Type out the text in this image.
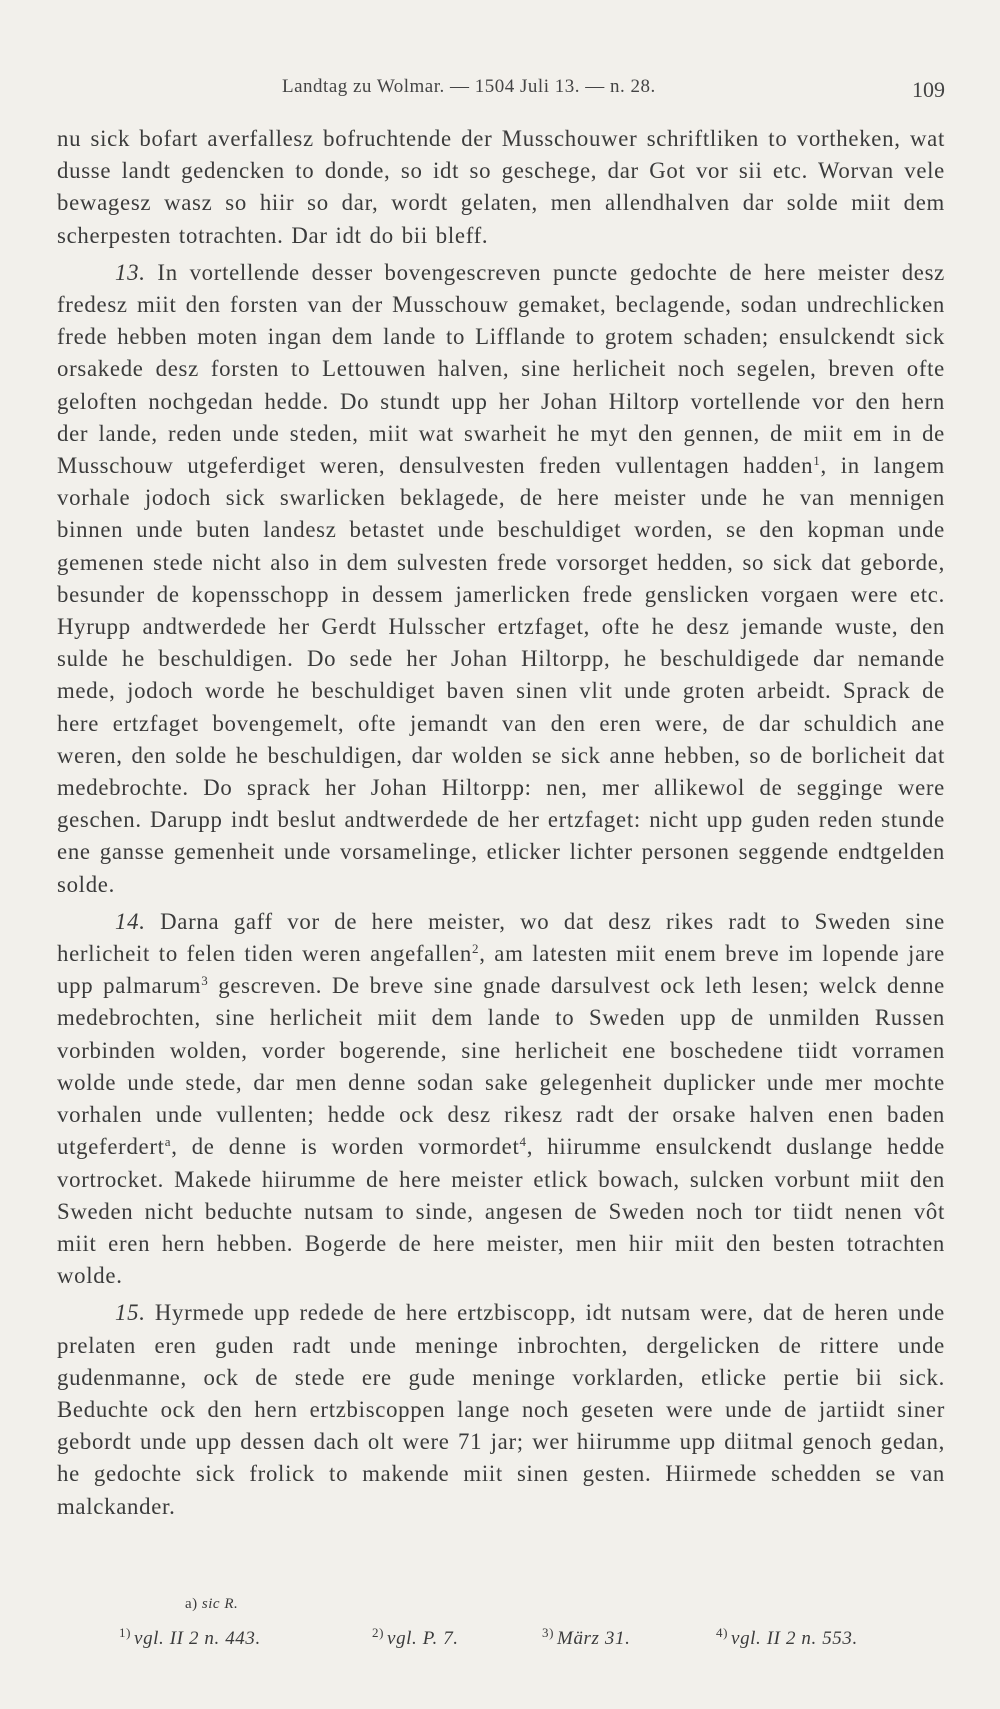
Landtag zu Wolmar. — 1504 Juli 13. — n. 28.	109

nu sick bofart averfallesz bofruchtende der Musschouwer schriftliken to vortheken, wat dusse landt gedencken to donde, so idt so geschege, dar Got vor sii etc. Worvan vele bewagesz wasz so hiir so dar, wordt gelaten, men allendhalven dar solde miit dem scherpesten totrachten. Dar idt do bii bleff.

13. In vortellende desser bovengescreven puncte gedochte de here meister desz fredesz miit den forsten van der Musschouw gemaket, beclagende, sodan undrechlicken frede hebben moten ingan dem lande to Lifflande to grotem schaden; ensulckendt sick orsakede desz forsten to Lettouwen halven, sine herlicheit noch segelen, breven ofte geloften nochgedan hedde. Do stundt upp her Johan Hiltorp vortellende vor den hern der lande, reden unde steden, miit wat swarheit he myt den gennen, de miit em in de Musschouw utgeferdiget weren, densulvesten freden vullentagen hadden$^1$, in langem vorhale jodoch sick swarlicken beklagede, de here meister unde he van mennigen binnen unde buten landesz betastet unde beschuldiget worden, se den kopman unde gemenen stede nicht also in dem sulvesten frede vorsorget hedden, so sick dat geborde, besunder de kopensschopp in dessem jamerlicken frede genslicken vorgaen were etc. Hyrupp andtwerdede her Gerdt Hulsscher ertzfaget, ofte he desz jemande wuste, den sulde he beschuldigen. Do sede her Johan Hiltorpp, he beschuldigede dar nemande mede, jodoch worde he beschuldiget baven sinen vlit unde groten arbeidt. Sprack de here ertzfaget bovengemelt, ofte jemandt van den eren were, de dar schuldich ane weren, den solde he beschuldigen, dar wolden se sick anne hebben, so de borlicheit dat medebrochte. Do sprack her Johan Hiltorpp: nen, mer allikewol de segginge were geschen. Darupp indt beslut andtwerdede de her ertzfaget: nicht upp guden reden stunde ene gansse gemenheit unde vorsamelinge, etlicker lichter personen seggende endtgelden solde.

14. Darna gaff vor de here meister, wo dat desz rikes radt to Sweden sine herlicheit to felen tiden weren angefallen$^2$, am latesten miit enem breve im lopende jare upp palmarum$^3$ gescreven. De breve sine gnade darsulvest ock leth lesen; welck denne medebrochten, sine herlicheit miit dem lande to Sweden upp de unmilden Russen vorbinden wolden, vorder bogerende, sine herlicheit ene boschedene tiidt vorramen wolde unde stede, dar men denne sodan sake gelegenheit duplicker unde mer mochte vorhalen unde vullenten; hedde ock desz rikesz radt der orsake halven enen baden utgeferdert$^a$, de denne is worden vormordet$^4$, hiirumme ensulckendt duslange hedde vortrocket. Makede hiirumme de here meister etlick bowach, sulcken vorbunt miit den Sweden nicht beduchte nutsam to sinde, angesen de Sweden noch tor tiidt nenen vôt miit eren hern hebben. Bogerde de here meister, men hiir miit den besten totrachten wolde.

15. Hyrmede upp redede de here ertzbiscopp, idt nutsam were, dat de heren unde prelaten eren guden radt unde meninge inbrochten, dergelicken de rittere unde gudenmanne, ock de stede ere gude meninge vorklarden, etlicke pertie bii sick. Beduchte ock den hern ertzbiscoppen lange noch geseten were unde de jartiidt siner gebordt unde upp dessen dach olt were 71 jar; wer hiirumme upp diitmal genoch gedan, he gedochte sick frolick to makende miit sinen gesten. Hiirmede schedden se van malckander.

a) sic R.
$^{1)}$ vgl. II 2 n. 443.	$^{2)}$ vgl. P. 7.	$^{3)}$ März 31.	$^{4)}$ vgl. II 2 n. 553.
